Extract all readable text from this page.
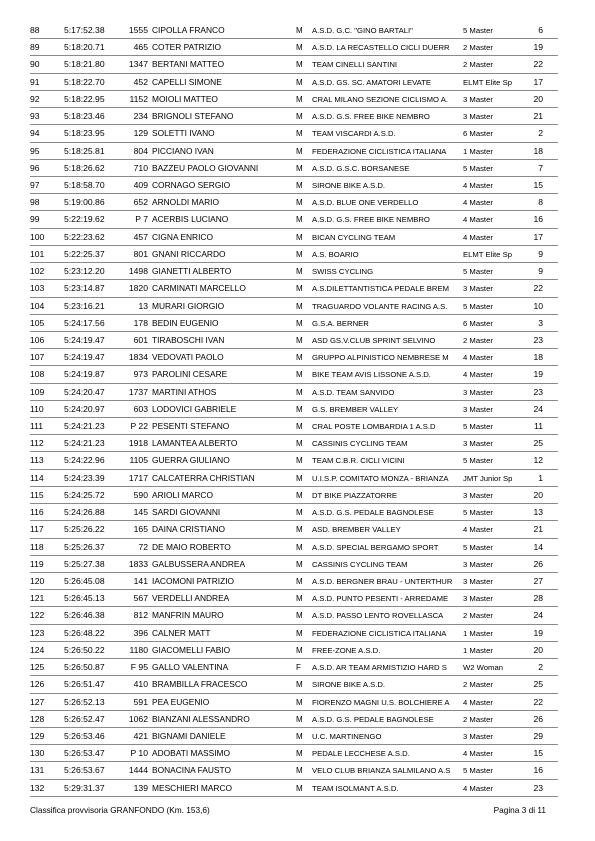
88	5:17:52.38	1555 CIPOLLA FRANCO	M	A.S.D. G.C. "GINO BARTALI"	5 Master	6
89	5:18:20.71	465 COTER PATRIZIO	M	A.S.D. LA RECASTELLO CICLI DUERR	2 Master	19
90	5:18:21.80	1347 BERTANI MATTEO	M	TEAM CINELLI SANTINI	2 Master	22
91	5:18:22.70	452 CAPELLI SIMONE	M	A.S.D. GS. SC. AMATORI LEVATE	ELMT Elite Sp	17
92	5:18:22.95	1152 MOIOLI MATTEO	M	CRAL MILANO SEZIONE CICLISMO A.	3 Master	20
93	5:18:23.46	234 BRIGNOLI STEFANO	M	A.S.D. G.S. FREE BIKE NEMBRO	3 Master	21
94	5:18:23.95	129 SOLETTI IVANO	M	TEAM VISCARDI A.S.D.	6 Master	2
95	5:18:25.81	804 PICCIANO IVAN	M	FEDERAZIONE CICLISTICA ITALIANA	1 Master	18
96	5:18:26.62	710 BAZZEU PAOLO GIOVANNI	M	A.S.D. G.S.C. BORSANESE	5 Master	7
97	5:18:58.70	409 CORNAGO SERGIO	M	SIRONE BIKE A.S.D.	4 Master	15
98	5:19:00.86	652 ARNOLDI MARIO	M	A.S.D. BLUE ONE VERDELLO	4 Master	8
99	5:22:19.62	P 7 ACERBIS LUCIANO	M	A.S.D. G.S. FREE BIKE NEMBRO	4 Master	16
100	5:22:23.62	457 CIGNA ENRICO	M	BICAN CYCLING TEAM	4 Master	17
101	5:22:25.37	801 GNANI RICCARDO	M	A.S. BOARIO	ELMT Elite Sp	9
102	5:23:12.20	1498 GIANETTI ALBERTO	M	SWISS CYCLING	5 Master	9
103	5:23:14.87	1820 CARMINATI MARCELLO	M	A.S.DILETTANTISTICA PEDALE BREM	3 Master	22
104	5:23:16.21	13 MURARI GIORGIO	M	TRAGUARDO VOLANTE RACING A.S.	5 Master	10
105	5:24:17.56	178 BEDIN EUGENIO	M	G.S.A. BERNER	6 Master	3
106	5:24:19.47	601 TIRABOSCHI IVAN	M	ASD GS.V.CLUB SPRINT SELVINO	2 Master	23
107	5:24:19.47	1834 VEDOVATI PAOLO	M	GRUPPO ALPINISTICO NEMBRESE M	4 Master	18
108	5:24:19.87	973 PAROLINI CESARE	M	BIKE TEAM AVIS LISSONE A.S.D.	4 Master	19
109	5:24:20.47	1737 MARTINI ATHOS	M	A.S.D. TEAM SANVIDO	3 Master	23
110	5:24:20.97	603 LODOVICI GABRIELE	M	G.S. BREMBER VALLEY	3 Master	24
111	5:24:21.23	P 22 PESENTI STEFANO	M	CRAL POSTE LOMBARDIA 1 A.S.D	5 Master	11
112	5:24:21.23	1918 LAMANTEA ALBERTO	M	CASSINIS CYCLING TEAM	3 Master	25
113	5:24:22.96	1105 GUERRA GIULIANO	M	TEAM C.B.R. CICLI VICINI	5 Master	12
114	5:24:23.39	1717 CALCATERRA CHRISTIAN	M	U.I.S.P. COMITATO MONZA - BRIANZA	JMT Junior Sp	1
115	5:24:25.72	590 ARIOLI MARCO	M	DT BIKE PIAZZATORRE	3 Master	20
116	5:24:26.88	145 SARDI GIOVANNI	M	A.S.D. G.S. PEDALE BAGNOLESE	5 Master	13
117	5:25:26.22	165 DAINA CRISTIANO	M	ASD. BREMBER VALLEY	4 Master	21
118	5:25:26.37	72 DE MAIO ROBERTO	M	A.S.D. SPECIAL BERGAMO SPORT	5 Master	14
119	5:25:27.38	1833 GALBUSSERA ANDREA	M	CASSINIS CYCLING TEAM	3 Master	26
120	5:26:45.08	141 IACOMONI PATRIZIO	M	A.S.D. BERGNER BRAU - UNTERTHUR	3 Master	27
121	5:26:45.13	567 VERDELLI ANDREA	M	A.S.D. PUNTO PESENTI - ARREDAME	3 Master	28
122	5:26:46.38	812 MANFRIN MAURO	M	A.S.D. PASSO LENTO ROVELLASCA	2 Master	24
123	5:26:48.22	396 CALNER MATT	M	FEDERAZIONE CICLISTICA ITALIANA	1 Master	19
124	5:26:50.22	1180 GIACOMELLI FABIO	M	FREE-ZONE A.S.D.	1 Master	20
125	5:26:50.87	F 95 GALLO VALENTINA	F	A.S.D. AR TEAM ARMISTIZIO HARD S	W2 Woman	2
126	5:26:51.47	410 BRAMBILLA FRACESCO	M	SIRONE BIKE A.S.D.	2 Master	25
127	5:26:52.13	591 PEA EUGENIO	M	FIORENZO MAGNI U.S. BOLCHIERE A	4 Master	22
128	5:26:52.47	1062 BIANZANI ALESSANDRO	M	A.S.D. G.S. PEDALE BAGNOLESE	2 Master	26
129	5:26:53.46	421 BIGNAMI DANIELE	M	U.C. MARTINENGO	3 Master	29
130	5:26:53.47	P 10 ADOBATI MASSIMO	M	PEDALE LECCHESE A.S.D.	4 Master	15
131	5:26:53.67	1444 BONACINA FAUSTO	M	VELO CLUB BRIANZA SALMILANO A.S	5 Master	16
132	5:29:31.37	139 MESCHIERI MARCO	M	TEAM ISOLMANT A.S.D.	4 Master	23
Classifica provvisoria GRANFONDO (Km. 153,6)	Pagina 3 di 11
